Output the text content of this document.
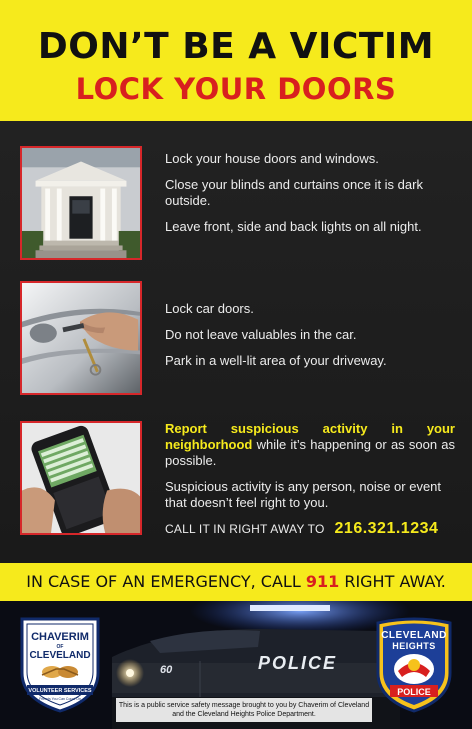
DON’T BE A VICTIM
LOCK YOUR DOORS

Lock your house doors and windows.

Close your blinds and curtains once it is dark outside.

Leave front, side and back lights on all night.

Lock car doors.

Do not leave valuables in the car.

Park in a well-lit area of your driveway.

Report suspicious activity in your neighborhood while it’s happening or as soon as possible.

Suspicious activity is any person, noise or event that doesn’t feel right to you.

CALL IT IN RIGHT AWAY TO 216.321.1234

IN CASE OF AN EMERGENCY, CALL 911 RIGHT AWAY.
60	POLICE
CHAVERIM
OF
CLEVELAND
VOLUNTEER SERVICES
Friends You Can Count On
This is a public service safety message brought to you by Chaverim of Cleveland and the Cleveland Heights Police Department.
CLEVELAND
HEIGHTS
POLICE
